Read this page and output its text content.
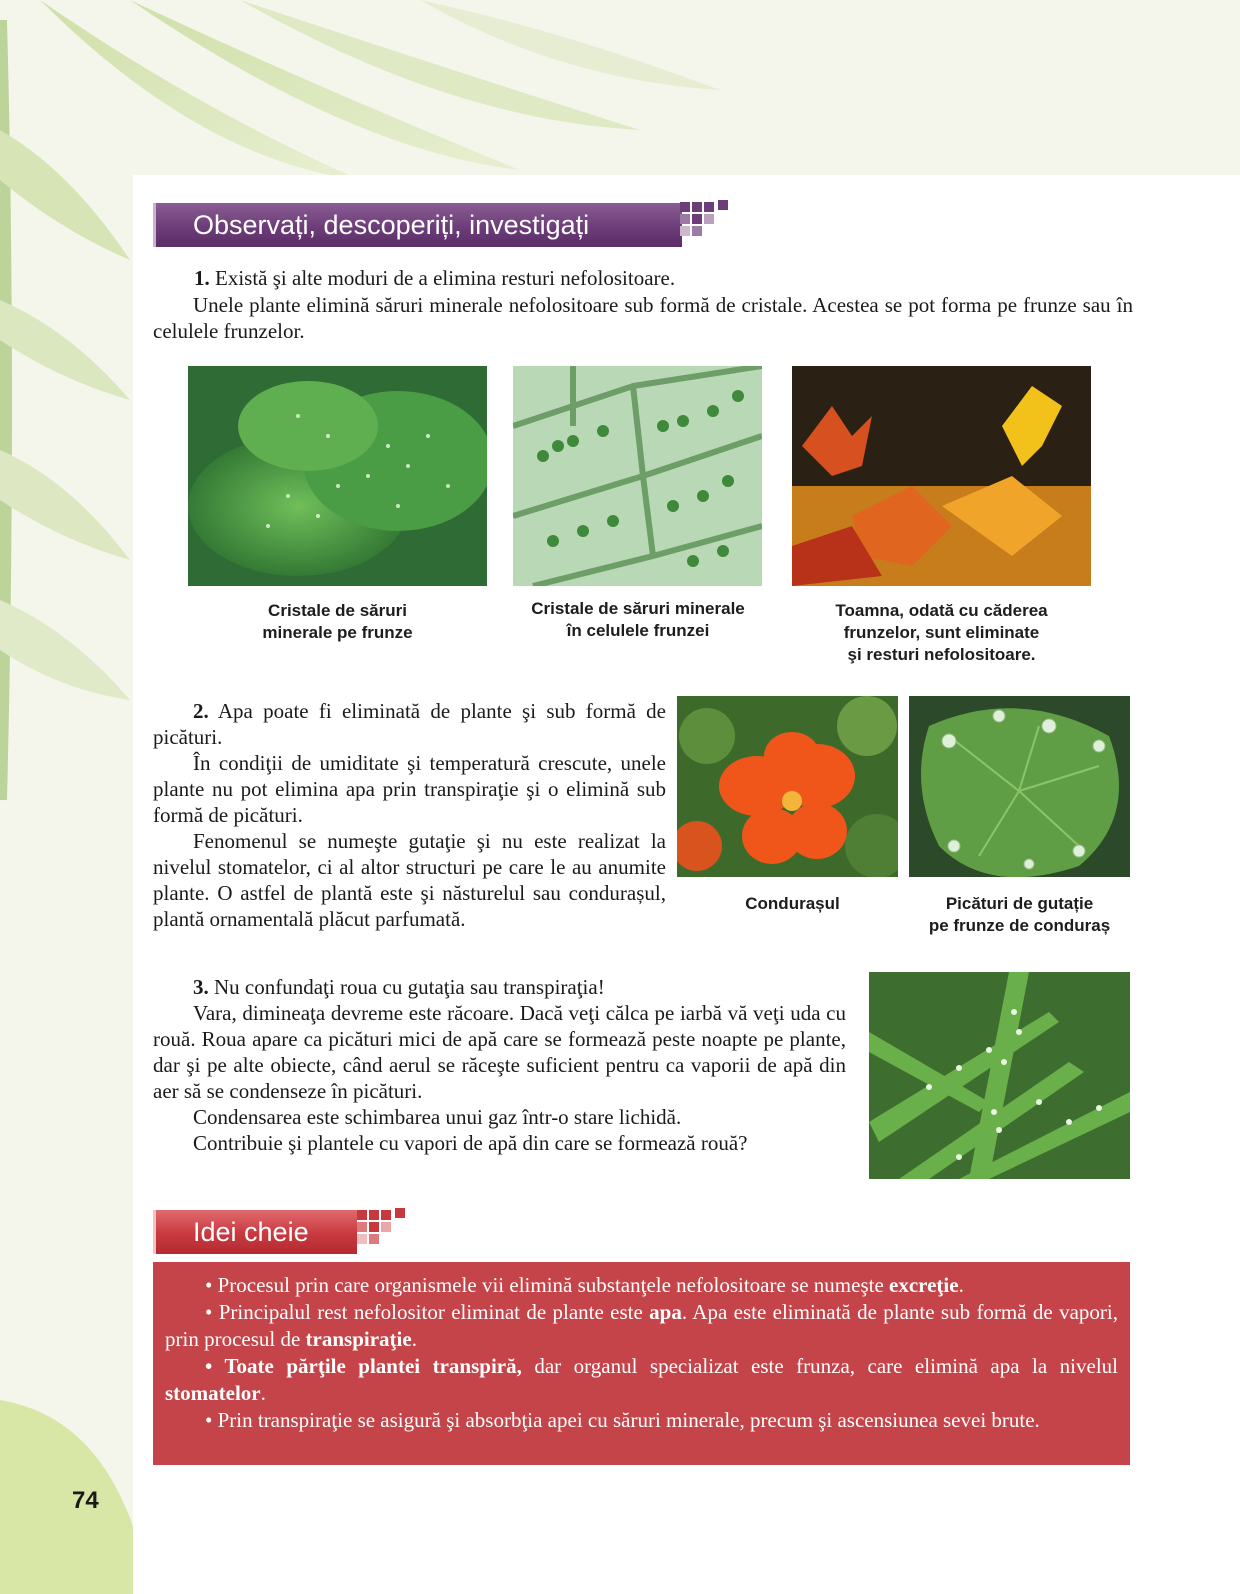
Observați, descoperiți, investigați

1. Există şi alte moduri de a elimina resturi nefolositoare.

Unele plante elimină săruri minerale nefolositoare sub formă de cristale. Acestea se pot forma pe frunze sau în celulele frunzelor.

Cristale de săruri
minerale pe frunze
Cristale de săruri minerale
în celulele frunzei
Toamna, odată cu căderea
frunzelor, sunt eliminate
şi resturi nefolositoare.

2. Apa poate fi eliminată de plante şi sub formă de picături.

În condiţii de umiditate şi temperatură crescute, unele plante nu pot elimina apa prin transpiraţie şi o elimină sub formă de picături.

Fenomenul se numeşte gutaţie şi nu este realizat la nivelul stomatelor, ci al altor structuri pe care le au anumite plante. O astfel de plantă este şi năsturelul sau condurașul, plantă ornamentală plăcut parfumată.

Condurașul	Picături de gutație
pe frunze de conduraș

3. Nu confundaţi roua cu gutaţia sau transpiraţia!

Vara, dimineaţa devreme este răcoare. Dacă veţi călca pe iarbă vă veţi uda cu rouă. Roua apare ca picături mici de apă care se formează peste noapte pe plante, dar şi pe alte obiecte, când aerul se răceşte suficient pentru ca vaporii de apă din aer să se condenseze în picături.

Condensarea este schimbarea unui gaz într-o stare lichidă.

Contribuie şi plantele cu vapori de apă din care se formează rouă?

Idei cheie

• Procesul prin care organismele vii elimină substanţele nefolositoare se numeşte excreţie.

• Principalul rest nefolositor eliminat de plante este apa. Apa este eliminată de plante sub formă de vapori, prin procesul de transpiraţie.

• Toate părţile plantei transpiră, dar organul specializat este frunza, care elimină apa la nivelul stomatelor.

• Prin transpiraţie se asigură şi absorbţia apei cu săruri minerale, precum şi ascensiunea sevei brute.

74
